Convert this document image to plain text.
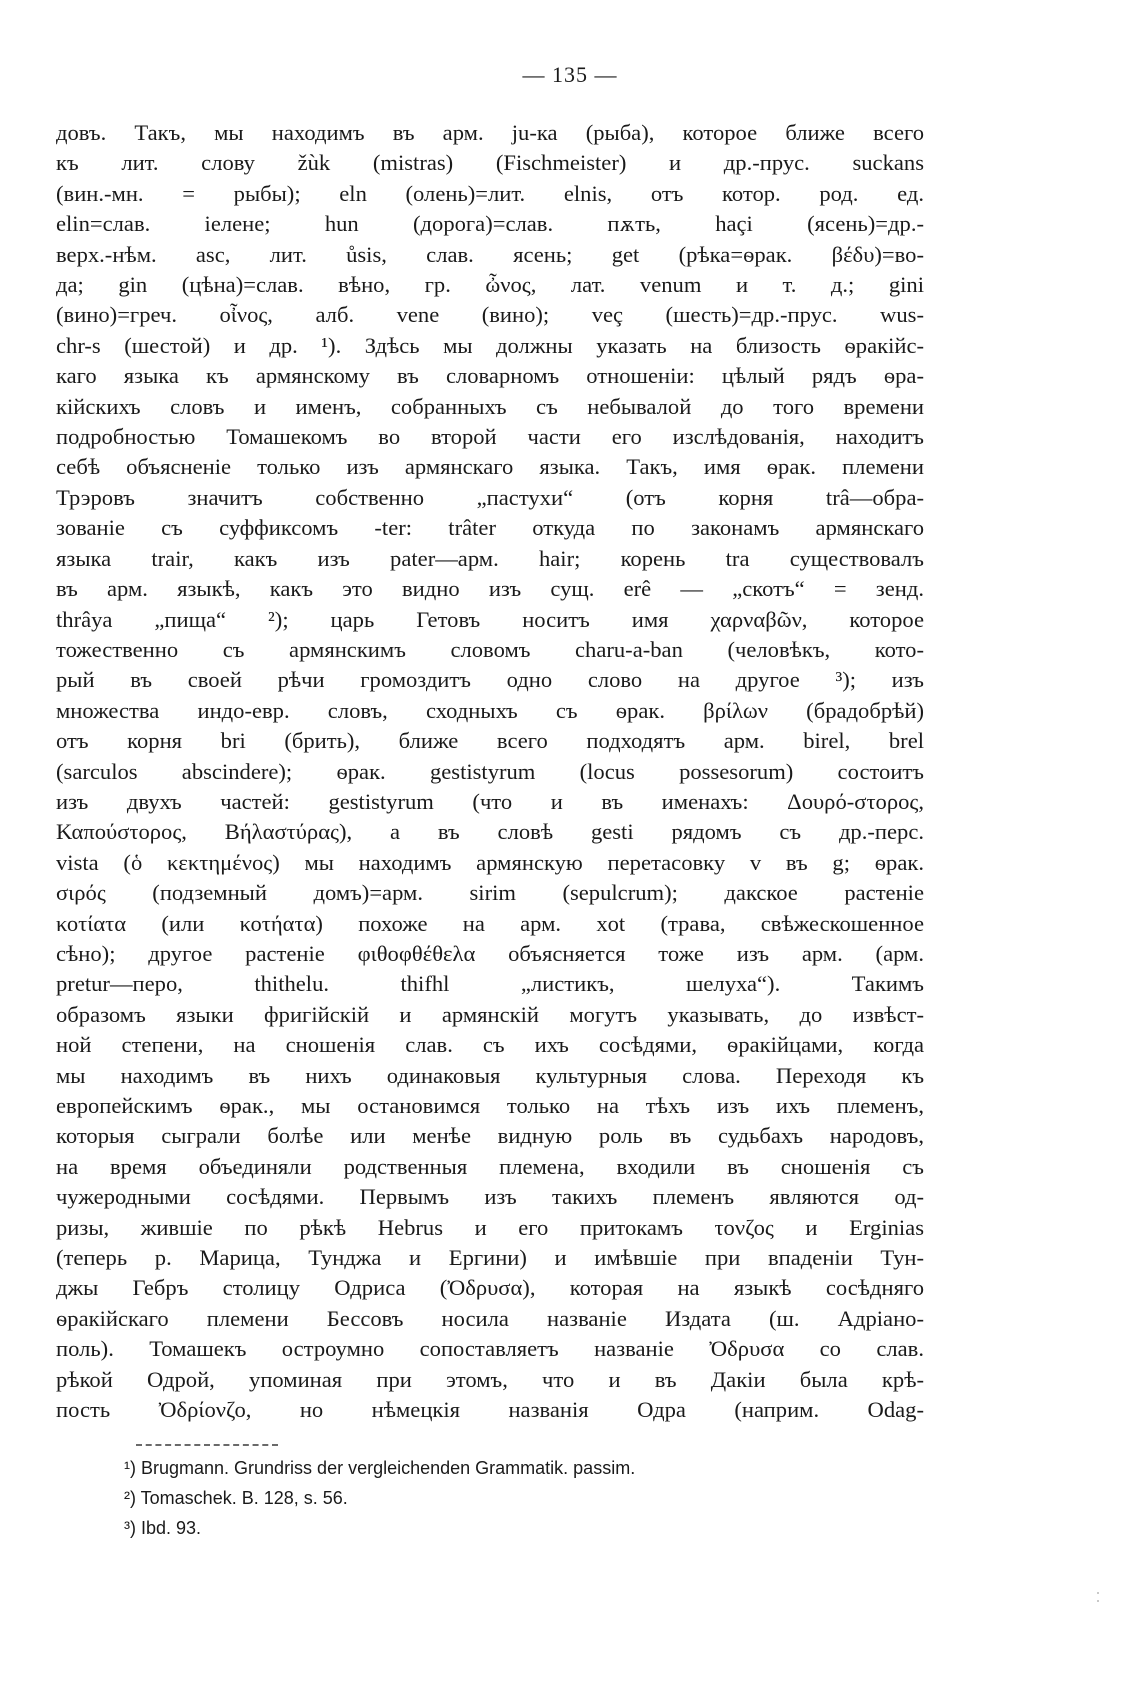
— 135 —
довъ. Такъ, мы находимъ въ арм. ju-ка (рыба), которое ближе всего
къ лит. слову žùk (mistras) (Fischmeister) и др.-прус. suckans
(вин.-мн. = рыбы); eln (олень)=лит. elnis, отъ котор. род. ед.
elin=слав. іелене; hun (дорога)=слав. пѫть, haçi (ясень)=др.-
верх.-нѣм. asc, лит. ůsis, слав. ясень; get (рѣка=ѳрак. βέδυ)=во-
да; gin (цѣна)=слав. вѣно, гр. ὦνος, лат. venum и т. д.; gini
(вино)=греч. οἶνος, алб. vene (вино); veç (шесть)=др.-прус. wus-
chr-s (шестой) и др. ¹). Здѣсь мы должны указать на близость ѳракійс-
каго языка къ армянскому въ словарномъ отношеніи: цѣлый рядъ ѳра-
кійскихъ словъ и именъ, собранныхъ съ небывалой до того времени
подробностью Томашекомъ во второй части его изслѣдованія, находитъ
себѣ объясненіе только изъ армянскаго языка. Такъ, имя ѳрак. племени
Трэровъ значитъ собственно „пастухи“ (отъ корня trâ—обра-
зованіе съ суффиксомъ -ter: trâter откуда по законамъ армянскаго
языка trair, какъ изъ pater—арм. hair; корень tra существовалъ
въ арм. языкѣ, какъ это видно изъ сущ. erê — „скотъ“ = зенд.
thrâya „пища“ ²); царь Гетовъ носитъ имя χαρναβῶν, которое
тожественно съ армянскимъ словомъ charu-a-ban (человѣкъ, кото-
рый въ своей рѣчи громоздитъ одно слово на другое ³); изъ
множества индо-евр. словъ, сходныхъ съ ѳрак. βρίλων (брадобрѣй)
отъ корня bri (брить), ближе всего подходятъ арм. birel, brel
(sarculos abscindere); ѳрак. gestistyrum (locus possesorum) состоитъ
изъ двухъ частей: gestistyrum (что и въ именахъ: Δουρό-στορος,
Καπούστορος, Βήλαστύρας), а въ словѣ gesti рядомъ съ др.-перс.
vista (ὁ κεκτημένος) мы находимъ армянскую перетасовку v въ g; ѳрак.
σιρός (подземный домъ)=арм. sirim (sepulcrum); дакское растеніе
κοτίατα (или κοτήατα) похоже на арм. xot (трава, свѣжескошенное
сѣно); другое растеніе φιθοφθέθελα объясняется тоже изъ арм. (арм.
pretur—перо, thithelu. thifhl „листикъ, шелуха“). Такимъ
образомъ языки фригійскій и армянскій могутъ указывать, до извѣст-
ной степени, на сношенія слав. съ ихъ сосѣдями, ѳракійцами, когда
мы находимъ въ нихъ одинаковыя культурныя слова. Переходя къ
европейскимъ ѳрак., мы остановимся только на тѣхъ изъ ихъ племенъ,
которыя сыграли болѣе или менѣе видную роль въ судьбахъ народовъ,
на время объединяли родственныя племена, входили въ сношенія съ
чужеродными сосѣдями. Первымъ изъ такихъ племенъ являются од-
ризы, жившіе по рѣкѣ Hebrus и его притокамъ τονζος и Erginias
(теперь р. Марица, Тунджа и Ергини) и имѣвшіе при впаденіи Тун-
джы Гебръ столицу Одриса (Ὀδρυσα), которая на языкѣ сосѣдняго
ѳракійскаго племени Бессовъ носила названіе Издата (ш. Адріано-
поль). Томашекъ остроумно сопоставляетъ названіе Ὀδρυσα со слав.
рѣкой Одрой, упоминая при этомъ, что и въ Дакіи была крѣ-
пость Ὀδρίονζο, но нѣмецкія названія Одра (наприм. Odag-
¹) Brugmann. Grundriss der vergleichenden Grammatik. passim.
²) Tomaschek. B. 128, s. 56.
³) Ibd. 93.
